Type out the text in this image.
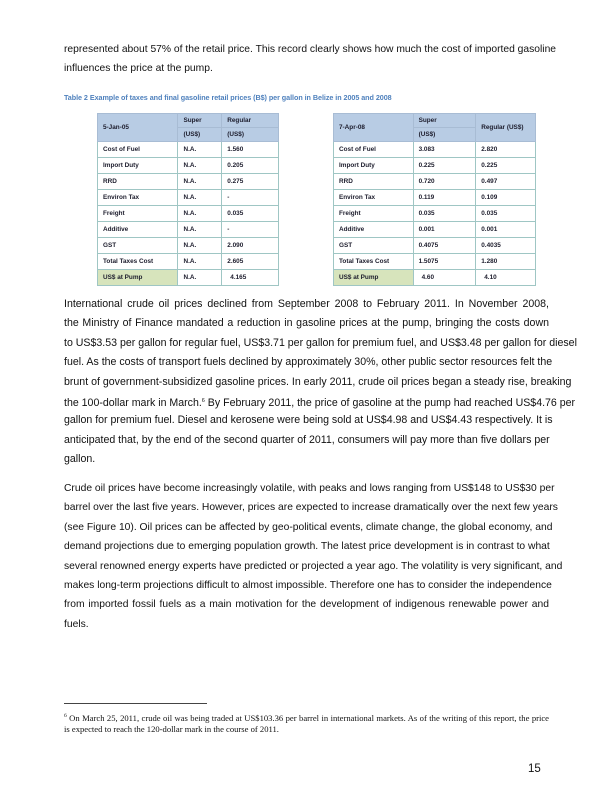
represented about 57% of the retail price. This record clearly shows how much the cost of imported gasoline
influences the price at the pump.
Table 2 Example of taxes and final gasoline retail prices (B$) per gallon in Belize in 2005 and 2008
5-Jan-05	Super	Regular
	(US$)	(US$)
Cost of Fuel	N.A.	1.560
Import Duty	N.A.	0.205
RRD	N.A.	0.275
Environ Tax	N.A.	-
Freight	N.A.	0.035
Additive	N.A.	-
GST	N.A.	2.090
Total Taxes Cost	N.A.	2.605
US$ at Pump	N.A.	4.165
7-Apr-08	Super	Regular (US$)
	(US$)	
Cost of Fuel	3.083	2.820
Import Duty	0.225	0.225
RRD	0.720	0.497
Environ Tax	0.119	0.109
Freight	0.035	0.035
Additive	0.001	0.001
GST	0.4075	0.4035
Total Taxes Cost	1.5075	1.280
US$ at Pump	4.60	4.10
International crude oil prices declined from September 2008 to February 2011. In November 2008,
the Ministry of Finance mandated a reduction in gasoline prices at the pump, bringing the costs down
to US$3.53 per gallon for regular fuel, US$3.71 per gallon for premium fuel, and US$3.48 per gallon for diesel
fuel. As the costs of transport fuels declined by approximately 30%, other public sector resources felt the
brunt of government-subsidized gasoline prices. In early 2011, crude oil prices began a steady rise, breaking
the 100-dollar mark in March.$^6$ By February 2011, the price of gasoline at the pump had reached US$4.76 per
gallon for premium fuel. Diesel and kerosene were being sold at US$4.98 and US$4.43 respectively. It is
anticipated that, by the end of the second quarter of 2011, consumers will pay more than five dollars per
gallon.
Crude oil prices have become increasingly volatile, with peaks and lows ranging from US$148 to US$30 per
barrel over the last five years. However, prices are expected to increase dramatically over the next few years
(see Figure 10). Oil prices can be affected by geo-political events, climate change, the global economy, and
demand projections due to emerging population growth. The latest price development is in contrast to what
several renowned energy experts have predicted or projected a year ago. The volatility is very significant, and
makes long-term projections difficult to almost impossible. Therefore one has to consider the independence
from imported fossil fuels as a main motivation for the development of indigenous renewable power and
fuels.
$^6$ On March 25, 2011, crude oil was being traded at US$103.36 per barrel in international markets. As of the writing of this report, the price is expected to reach the 120-dollar mark in the course of 2011.
15
